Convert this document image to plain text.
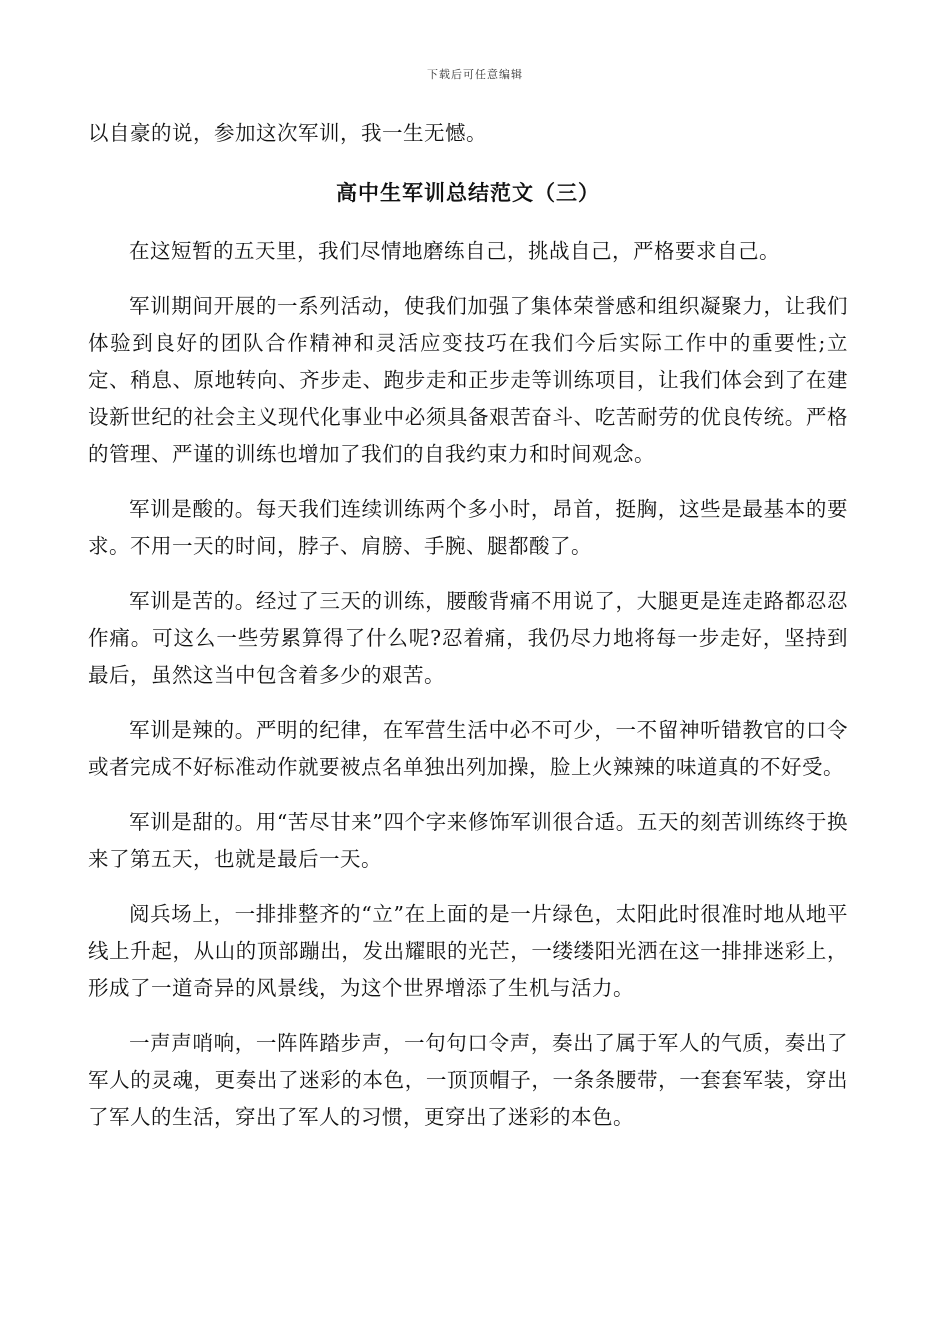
下载后可任意编辑

以自豪的说，参加这次军训，我一生无憾。

高中生军训总结范文（三）

在这短暂的五天里，我们尽情地磨练自己，挑战自己，严格要求自己。

军训期间开展的一系列活动，使我们加强了集体荣誉感和组织凝聚力，让我们体验到良好的团队合作精神和灵活应变技巧在我们今后实际工作中的重要性;立定、稍息、原地转向、齐步走、跑步走和正步走等训练项目，让我们体会到了在建设新世纪的社会主义现代化事业中必须具备艰苦奋斗、吃苦耐劳的优良传统。严格的管理、严谨的训练也增加了我们的自我约束力和时间观念。

军训是酸的。每天我们连续训练两个多小时，昂首，挺胸，这些是最基本的要求。不用一天的时间，脖子、肩膀、手腕、腿都酸了。

军训是苦的。经过了三天的训练，腰酸背痛不用说了，大腿更是连走路都忍忍作痛。可这么一些劳累算得了什么呢?忍着痛，我仍尽力地将每一步走好，坚持到最后，虽然这当中包含着多少的艰苦。

军训是辣的。严明的纪律，在军营生活中必不可少，一不留神听错教官的口令或者完成不好标准动作就要被点名单独出列加操，脸上火辣辣的味道真的不好受。

军训是甜的。用“苦尽甘来”四个字来修饰军训很合适。五天的刻苦训练终于换来了第五天，也就是最后一天。

阅兵场上，一排排整齐的“立”在上面的是一片绿色，太阳此时很准时地从地平线上升起，从山的顶部蹦出，发出耀眼的光芒，一缕缕阳光洒在这一排排迷彩上，形成了一道奇异的风景线，为这个世界增添了生机与活力。

一声声哨响，一阵阵踏步声，一句句口令声，奏出了属于军人的气质，奏出了军人的灵魂，更奏出了迷彩的本色，一顶顶帽子，一条条腰带，一套套军装，穿出了军人的生活，穿出了军人的习惯，更穿出了迷彩的本色。
